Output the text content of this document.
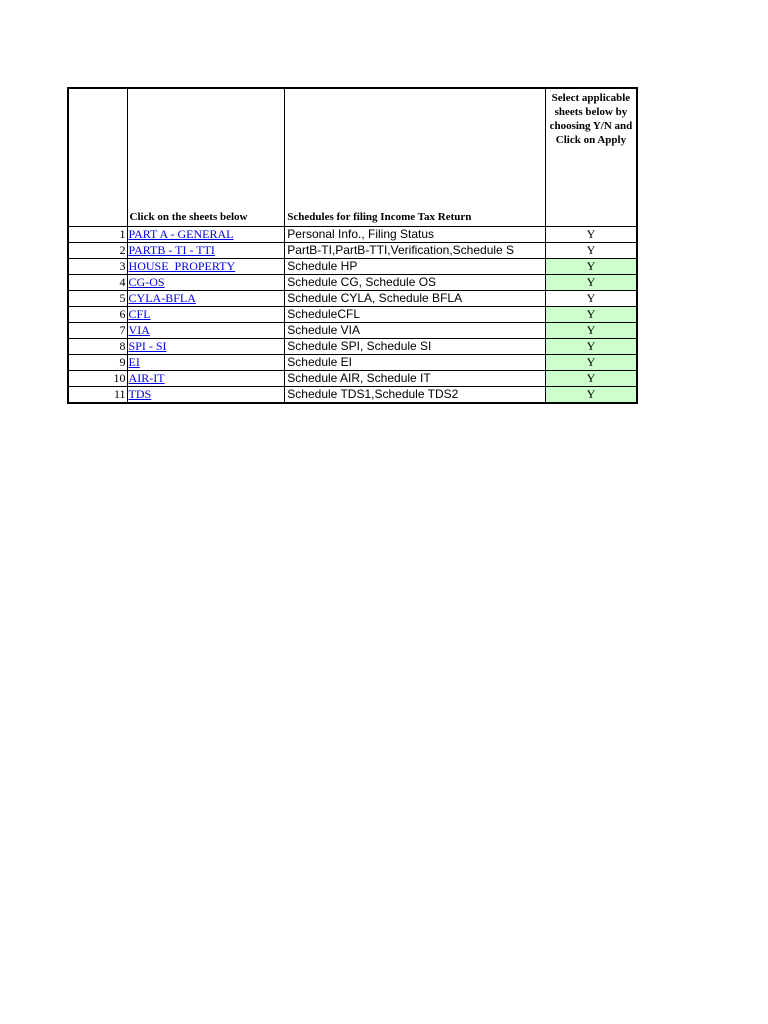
	Click on the sheets below	Schedules for filing Income Tax Return	Select applicable sheets below by choosing Y/N and Click on Apply
1	PART A - GENERAL	Personal Info., Filing Status	Y
2	PARTB - TI - TTI	PartB-TI,PartB-TTI,Verification,Schedule S	Y
3	HOUSE_PROPERTY	Schedule HP	Y
4	CG-OS	Schedule CG, Schedule OS	Y
5	CYLA-BFLA	Schedule CYLA, Schedule BFLA	Y
6	CFL	ScheduleCFL	Y
7	VIA	Schedule VIA	Y
8	SPI - SI	Schedule SPI, Schedule SI	Y
9	EI	Schedule EI	Y
10	AIR-IT	Schedule AIR, Schedule IT	Y
11	TDS	Schedule TDS1,Schedule TDS2	Y
